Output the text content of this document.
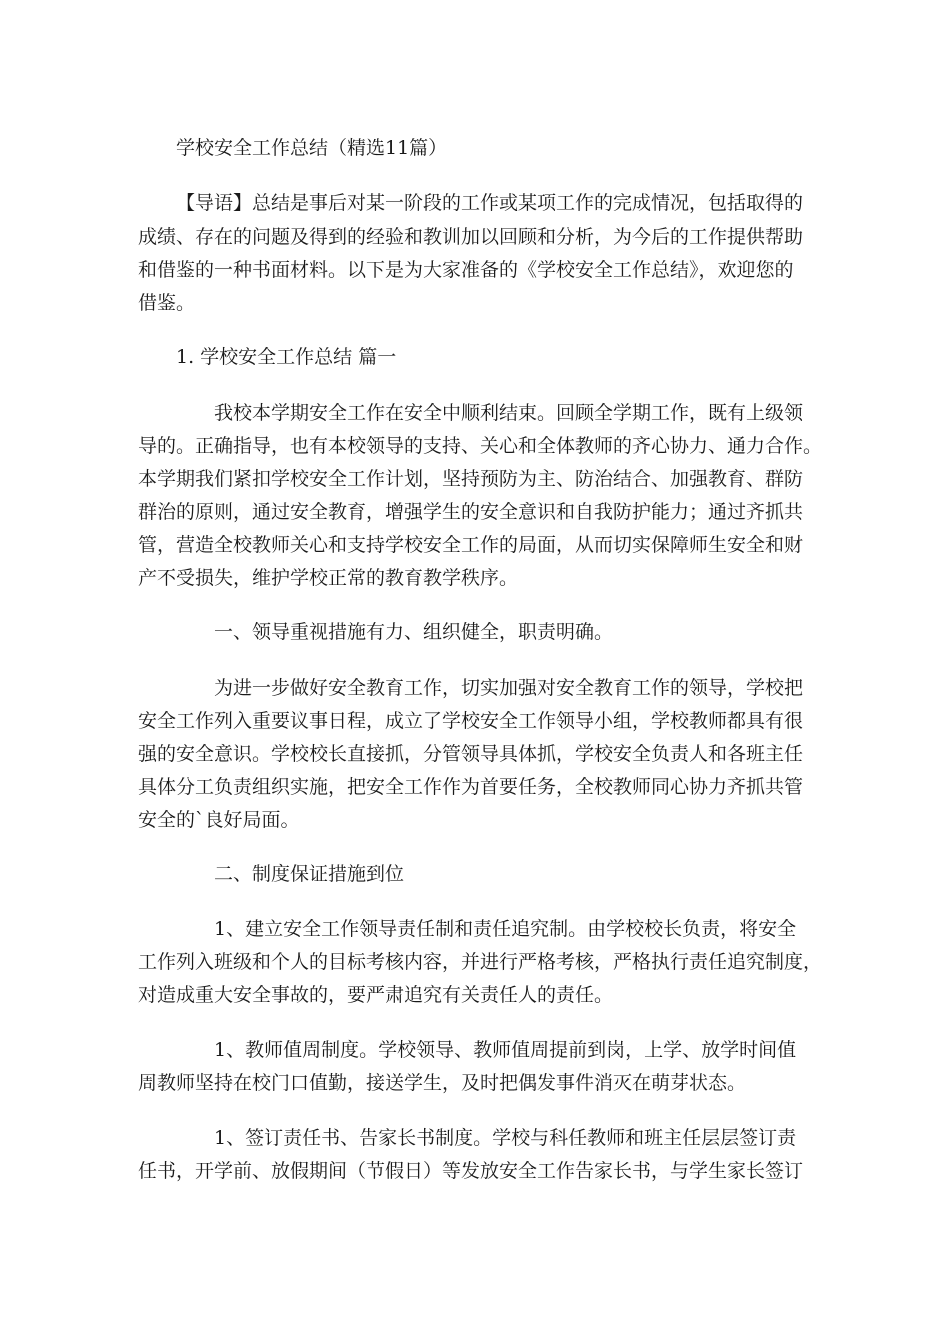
学校安全工作总结（精选11篇）
【导语】总结是事后对某一阶段的工作或某项工作的完成情况，包括取得的
成绩、存在的问题及得到的经验和教训加以回顾和分析，为今后的工作提供帮助
和借鉴的一种书面材料。以下是为大家准备的《学校安全工作总结》，欢迎您的
借鉴。
1. 学校安全工作总结 篇一
我校本学期安全工作在安全中顺利结束。回顾全学期工作，既有上级领
导的。正确指导，也有本校领导的支持、关心和全体教师的齐心协力、通力合作。
本学期我们紧扣学校安全工作计划，坚持预防为主、防治结合、加强教育、群防
群治的原则，通过安全教育，增强学生的安全意识和自我防护能力；通过齐抓共
管，营造全校教师关心和支持学校安全工作的局面，从而切实保障师生安全和财
产不受损失，维护学校正常的教育教学秩序。
一、领导重视措施有力、组织健全，职责明确。
为进一步做好安全教育工作，切实加强对安全教育工作的领导，学校把
安全工作列入重要议事日程，成立了学校安全工作领导小组，学校教师都具有很
强的安全意识。学校校长直接抓，分管领导具体抓，学校安全负责人和各班主任
具体分工负责组织实施，把安全工作作为首要任务，全校教师同心协力齐抓共管
安全的`良好局面。
二、制度保证措施到位
1、建立安全工作领导责任制和责任追究制。由学校校长负责，将安全
工作列入班级和个人的目标考核内容，并进行严格考核，严格执行责任追究制度，
对造成重大安全事故的，要严肃追究有关责任人的责任。
1、教师值周制度。学校领导、教师值周提前到岗，上学、放学时间值
周教师坚持在校门口值勤，接送学生，及时把偶发事件消灭在萌芽状态。
1、签订责任书、告家长书制度。学校与科任教师和班主任层层签订责
任书，开学前、放假期间（节假日）等发放安全工作告家长书，与学生家长签订
